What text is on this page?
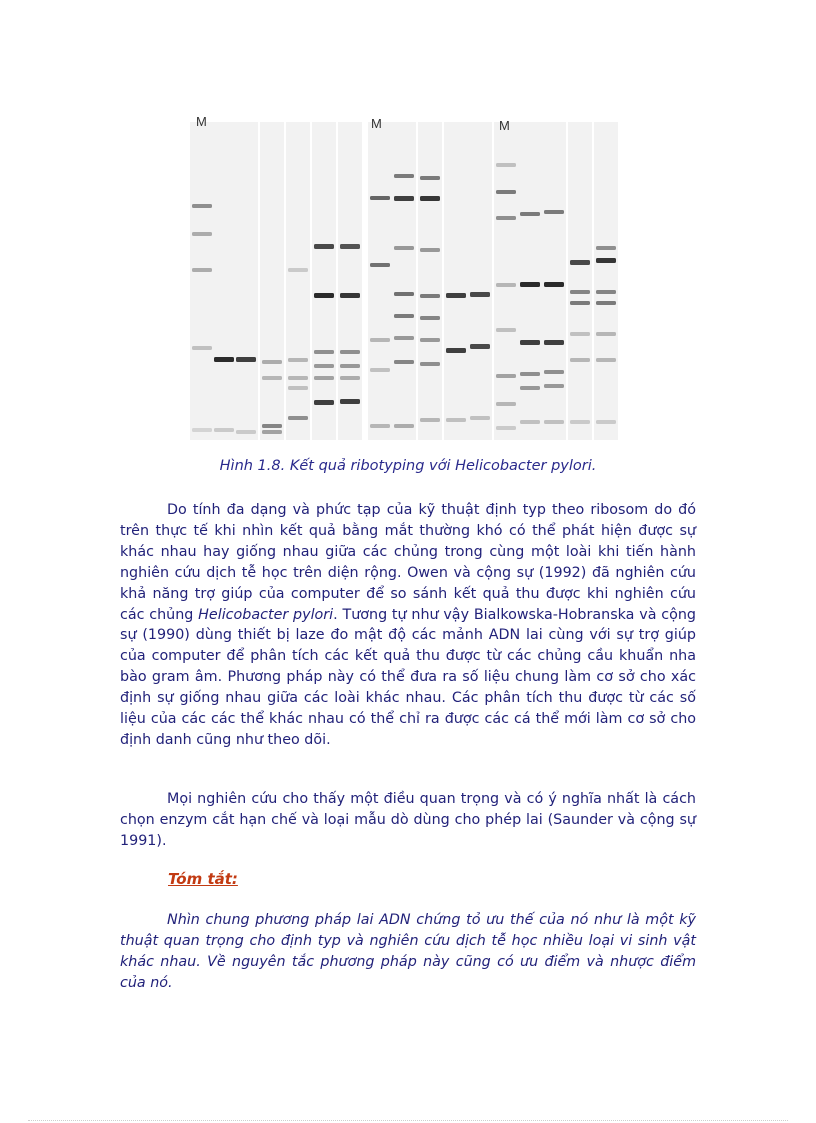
M	M	M
Hình 1.8. Kết quả ribotyping với Helicobacter pylori.

Do tính đa dạng và phức tạp của kỹ thuật định typ theo ribosom do đó trên thực tế khi nhìn kết quả bằng mắt thường khó có thể phát hiện được sự khác nhau hay giống nhau giữa các chủng trong cùng một loài khi tiến hành nghiên cứu dịch tễ học trên diện rộng. Owen và cộng sự (1992) đã nghiên cứu khả năng trợ giúp của computer để so sánh kết quả thu được khi nghiên cứu các chủng Helicobacter pylori. Tương tự như vậy Bialkowska-Hobranska và cộng sự (1990) dùng thiết bị laze đo mật độ các mảnh ADN lai cùng với sự trợ giúp của computer để phân tích các kết quả thu được từ các chủng cầu khuẩn nha bào gram âm. Phương pháp này có thể đưa ra số liệu chung làm cơ sở cho xác định sự giống nhau giữa các loài khác nhau. Các phân tích thu được từ các số liệu của các các thể khác nhau có thể chỉ ra được các cá thể mới làm cơ sở cho định danh cũng như theo dõi.

Mọi nghiên cứu cho thấy một điều quan trọng và có ý nghĩa nhất là cách chọn enzym cắt hạn chế và loại mẫu dò dùng cho phép lai (Saunder và cộng sự 1991).

Tóm tắt:

Nhìn chung phương pháp lai ADN chứng tỏ ưu thế của nó như là một kỹ thuật quan trọng cho định typ và nghiên cứu dịch tễ học nhiều loại vi sinh vật khác nhau. Về nguyên tắc phương pháp này cũng có ưu điểm và nhược điểm của nó.
